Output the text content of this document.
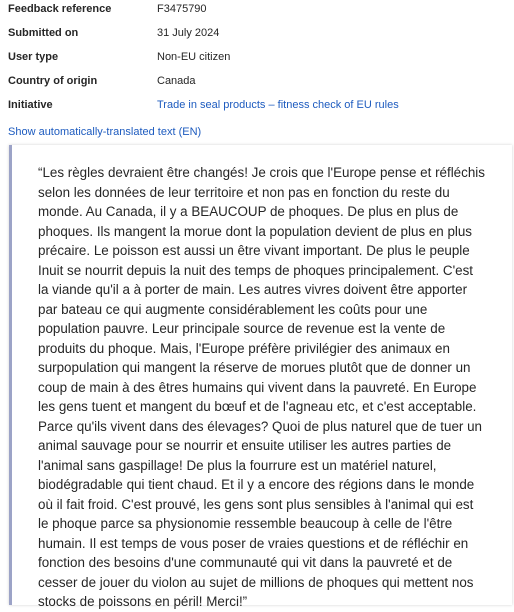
Feedback reference	F3475790
Submitted on	31 July 2024
User type	Non-EU citizen
Country of origin	Canada
Initiative	Trade in seal products – fitness check of EU rules
Show automatically-translated text (EN)

“Les règles devraient être changés! Je crois que l'Europe pense et réfléchis selon les données de leur territoire et non pas en fonction du reste du monde. Au Canada, il y a BEAUCOUP de phoques. De plus en plus de phoques. Ils mangent la morue dont la population devient de plus en plus précaire. Le poisson est aussi un être vivant important. De plus le peuple Inuit se nourrit depuis la nuit des temps de phoques principalement. C'est la viande qu'il a à porter de main. Les autres vivres doivent être apporter par bateau ce qui augmente considérablement les coûts pour une population pauvre. Leur principale source de revenue est la vente de produits du phoque. Mais, l'Europe préfère privilégier des animaux en surpopulation qui mangent la réserve de morues plutôt que de donner un coup de main à des êtres humains qui vivent dans la pauvreté. En Europe les gens tuent et mangent du bœuf et de l'agneau etc, et c'est acceptable. Parce qu'ils vivent dans des élevages? Quoi de plus naturel que de tuer un animal sauvage pour se nourrir et ensuite utiliser les autres parties de l'animal sans gaspillage! De plus la fourrure est un matériel naturel, biodégradable qui tient chaud. Et il y a encore des régions dans le monde où il fait froid. C'est prouvé, les gens sont plus sensibles à l'animal qui est le phoque parce sa physionomie ressemble beaucoup à celle de l'être humain. Il est temps de vous poser de vraies questions et de réfléchir en fonction des besoins d'une communauté qui vit dans la pauvreté et de cesser de jouer du violon au sujet de millions de phoques qui mettent nos stocks de poissons en péril! Merci!”
